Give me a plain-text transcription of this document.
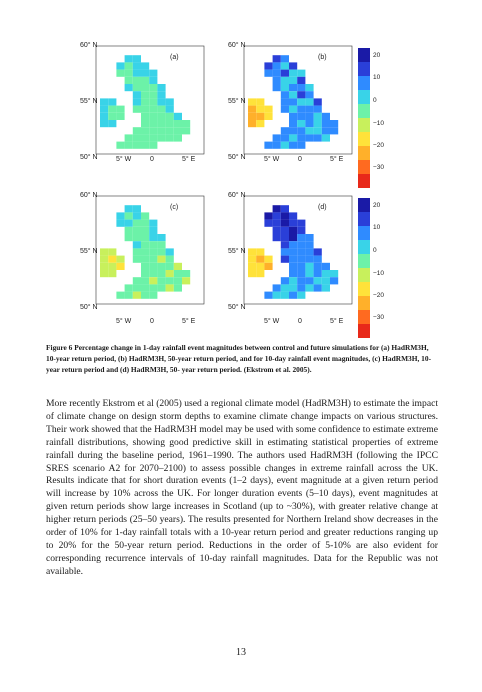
(a)	(b)
(c)	(d)
60° N
55° N
50° N
60° N
55° N
50° N
60° N
55° N
50° N
60° N
55° N
50° N
5° W	0	5° E	5° W	0	5° E
5° W	0	5° E	5° W	0	5° E
20
10
0
−10
−20
−30
20
10
0
−10
−20
−30
Figure 6 Percentage change in 1-day rainfall event magnitudes between control and future simulations for (a) HadRM3H, 10-year return period, (b) HadRM3H, 50-year return period, and for 10-day rainfall event magnitudes, (c) HadRM3H, 10-year return period and (d) HadRM3H, 50- year return period. (Ekstrom et al. 2005).
More recently Ekstrom et al (2005) used a regional climate model (HadRM3H) to estimate the impact of climate change on design storm depths to examine climate change impacts on various structures. Their work showed that the HadRM3H model may be used with some confidence to estimate extreme rainfall distributions, showing good predictive skill in estimating statistical properties of extreme rainfall during the baseline period, 1961–1990. The authors used HadRM3H (following the IPCC SRES scenario A2 for 2070–2100) to assess possible changes in extreme rainfall across the UK. Results indicate that for short duration events (1–2 days), event magnitude at a given return period will increase by 10% across the UK. For longer duration events (5–10 days), event magnitudes at given return periods show large increases in Scotland (up to ~30%), with greater relative change at higher return periods (25–50 years). The results presented for Northern Ireland show decreases in the order of 10% for 1-day rainfall totals with a 10-year return period and greater reductions ranging up to 20% for the 50-year return period. Reductions in the order of 5-10% are also evident for corresponding recurrence intervals of 10-day rainfall magnitudes. Data for the Republic was not available.
13
